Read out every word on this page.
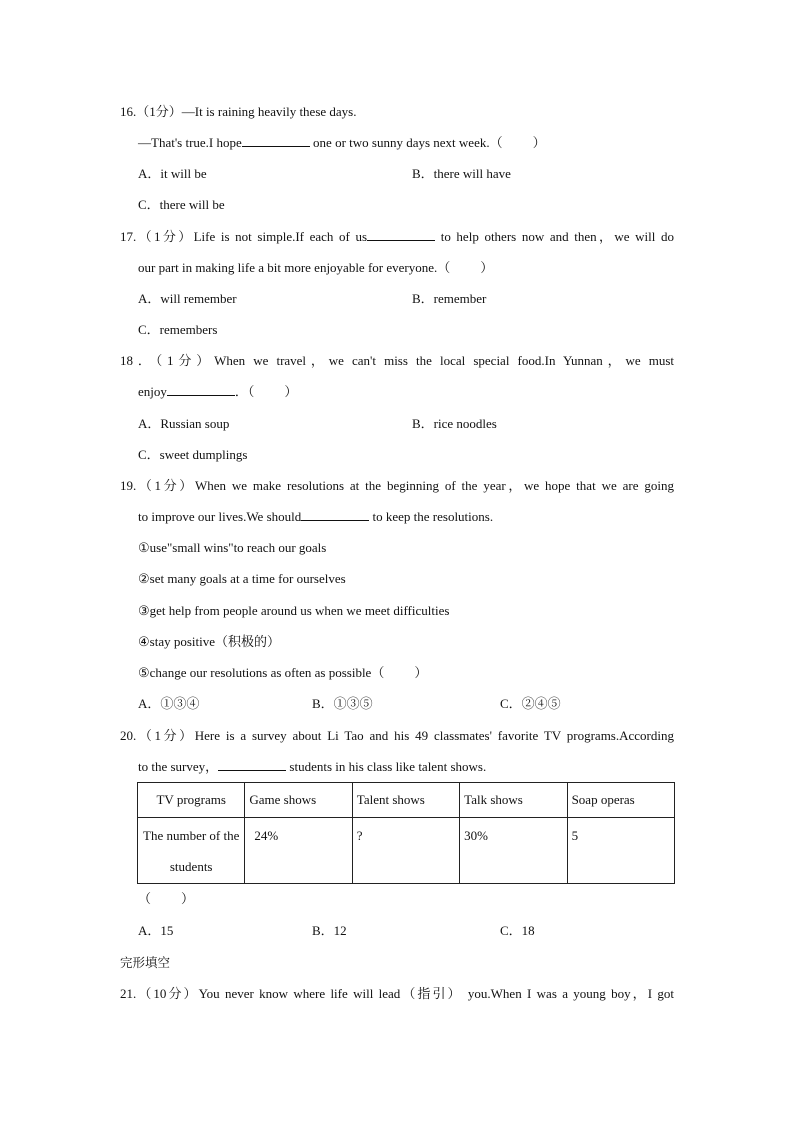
16.（1分）—It is raining heavily these days.
—That's true.I hope	one or two sunny days next week.（ ）
A．it will be	B．there will have
C．there will be
17.（1分）Life is not simple.If each of us	to help others now and then，we will do
our part in making life a bit more enjoyable for everyone.（ ）
A．will remember	B．remember
C．remembers
18．（1分）When we travel，we can't miss the local special food.In Yunnan，we must
enjoy	．（ ）
A．Russian soup	B．rice noodles
C．sweet dumplings
19.（1分）When we make resolutions at the beginning of the year，we hope that we are going
to improve our lives.We should	to keep the resolutions.
①use"small wins"to reach our goals
②set many goals at a time for ourselves
③get help from people around us when we meet difficulties
④stay positive（积极的）
⑤change our resolutions as often as possible（ ）
A．①③④	B．①③⑤	C．②④⑤
20.（1分）Here is a survey about Li Tao and his 49 classmates' favorite TV programs.According
to the survey，	students in his class like talent shows.
TV programs	Game shows	Talent shows	Talk shows	Soap operas
The number of the
students	24%	?	30%	5
（ ）
A．15	B．12	C．18
完形填空
21.（10分）You never know where life will lead（指引） you.When I was a young boy，I got
